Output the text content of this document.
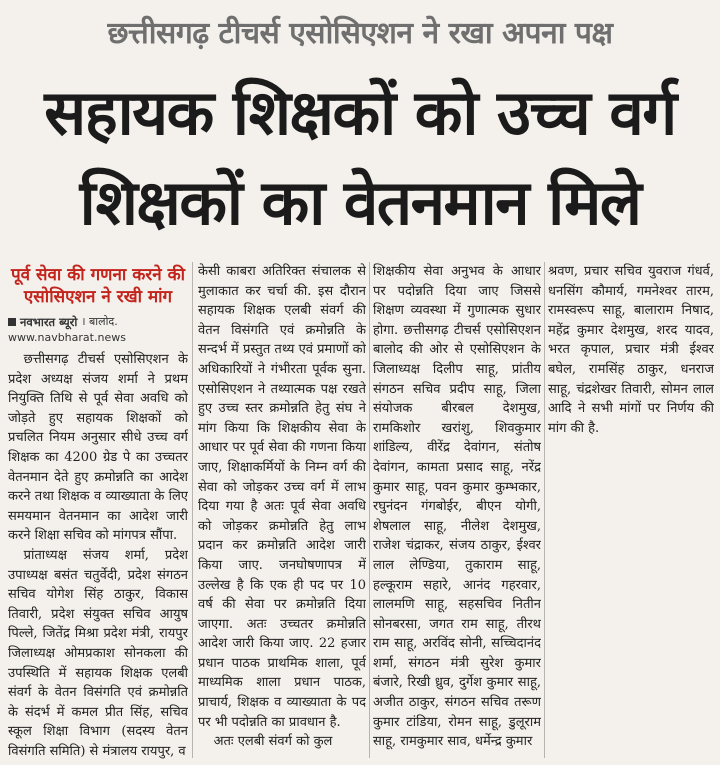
छत्तीसगढ़ टीचर्स एसोसिएशन ने रखा अपना पक्ष
सहायक शिक्षकों को उच्च वर्ग
शिक्षकों का वेतनमान मिले
पूर्व सेवा की गणना करने की एसोसिएशन ने रखी मांग
नवभारत ब्यूरो । बालोद.
www.navbharat.news

छत्तीसगढ़ टीचर्स एसोसिएशन के प्रदेश अध्यक्ष संजय शर्मा ने प्रथम नियुक्ति तिथि से पूर्व सेवा अवधि को जोड़ते हुए सहायक शिक्षकों को प्रचलित नियम अनुसार सीधे उच्च वर्ग शिक्षक का 4200 ग्रेड पे का उच्चतर वेतनमान देते हुए क्रमोन्नति का आदेश करने तथा शिक्षक व व्याख्याता के लिए समयमान वेतनमान का आदेश जारी करने शिक्षा सचिव को मांगपत्र सौंपा.

प्रांताध्यक्ष संजय शर्मा, प्रदेश उपाध्यक्ष बसंत चतुर्वेदी, प्रदेश संगठन सचिव योगेश सिंह ठाकुर, विकास तिवारी, प्रदेश संयुक्त सचिव आयुष पिल्ले, जितेंद्र मिश्रा प्रदेश मंत्री, रायपुर जिलाध्यक्ष ओमप्रकाश सोनकला की उपस्थिति में सहायक शिक्षक एलबी संवर्ग के वेतन विसंगति एवं क्रमोन्नति के संदर्भ में कमल प्रीत सिंह, सचिव स्कूल शिक्षा विभाग (सदस्य वेतन विसंगति समिति) से मंत्रालय रायपुर, व

केसी काबरा अतिरिक्त संचालक से मुलाकात कर चर्चा की. इस दौरान सहायक शिक्षक एलबी संवर्ग की वेतन विसंगति एवं क्रमोन्नति के सन्दर्भ में प्रस्तुत तथ्य एवं प्रमाणों को अधिकारियों ने गंभीरता पूर्वक सुना. एसोसिएशन ने तथ्यात्मक पक्ष रखते हुए उच्च स्तर क्रमोन्नति हेतु संघ ने मांग किया कि शिक्षकीय सेवा के आधार पर पूर्व सेवा की गणना किया जाए, शिक्षाकर्मियों के निम्न वर्ग की सेवा को जोड़कर उच्च वर्ग में लाभ दिया गया है अतः पूर्व सेवा अवधि को जोड़कर क्रमोन्नति हेतु लाभ प्रदान कर क्रमोन्नति आदेश जारी किया जाए. जनघोषणापत्र में उल्लेख है कि एक ही पद पर 10 वर्ष की सेवा पर क्रमोन्नति दिया जाएगा. अतः उच्चतर क्रमोन्नति आदेश जारी किया जाए. 22 हजार प्रधान पाठक प्राथमिक शाला, पूर्व माध्यमिक शाला प्रधान पाठक, प्राचार्य, शिक्षक व व्याख्याता के पद पर भी पदोन्नति का प्रावधान है.

अतः एलबी संवर्ग को कुल

शिक्षकीय सेवा अनुभव के आधार पर पदोन्नति दिया जाए जिससे शिक्षण व्यवस्था में गुणात्मक सुधार होगा. छत्तीसगढ़ टीचर्स एसोसिएशन बालोद की ओर से एसोसिएशन के जिलाध्यक्ष दिलीप साहू, प्रांतीय संगठन सचिव प्रदीप साहू, जिला संयोजक बीरबल देशमुख, रामकिशोर खरांशु, शिवकुमार शांडिल्य, वीरेंद्र देवांगन, संतोष देवांगन, कामता प्रसाद साहू, नरेंद्र कुमार साहू, पवन कुमार कुम्भकार, रघुनंदन गंगबोईर, बीएन योगी, शेषलाल साहू, नीलेश देशमुख, राजेश चंद्राकर, संजय ठाकुर, ईश्वर लाल लेण्डिया, तुकाराम साहू, हल्कूराम सहारे, आनंद गहरवार, लालमणि साहू, सहसचिव नितीन सोनबरसा, जगत राम साहू, तीरथ राम साहू, अरविंद सोनी, सच्चिदानंद शर्मा, संगठन मंत्री सुरेश कुमार बंजारे, रिखी ध्रुव, दुर्गेश कुमार साहू, अजीत ठाकुर, संगठन सचिव तरूण कुमार टांडिया, रोमन साहू, डुलूराम साहू, रामकुमार साव, धर्मेन्द्र कुमार

श्रवण, प्रचार सचिव युवराज गंधर्व, धनसिंग कौमार्य, गमनेश्वर तारम, रामस्वरूप साहू, बालाराम निषाद, महेंद्र कुमार देशमुख, शरद यादव, भरत कृपाल, प्रचार मंत्री ईश्वर बघेल, रामसिंह ठाकुर, धनराज साहू, चंद्रशेखर तिवारी, सोमन लाल आदि ने सभी मांगों पर निर्णय की मांग की है.
